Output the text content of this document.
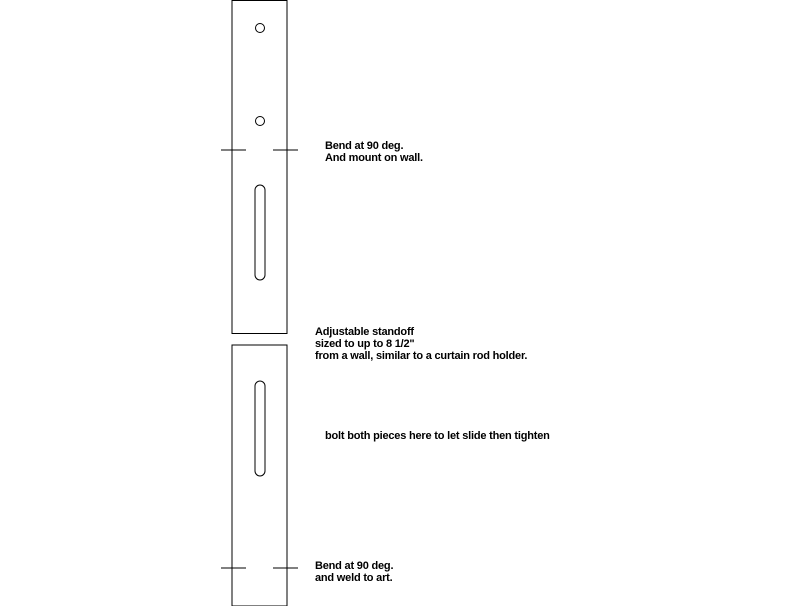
Bend at 90 deg.
And mount on wall.
Adjustable standoff
sized to up to 8 1/2"
from a wall, similar to a curtain rod holder.
bolt both pieces here to let slide then tighten
Bend at 90 deg.
and weld to art.
